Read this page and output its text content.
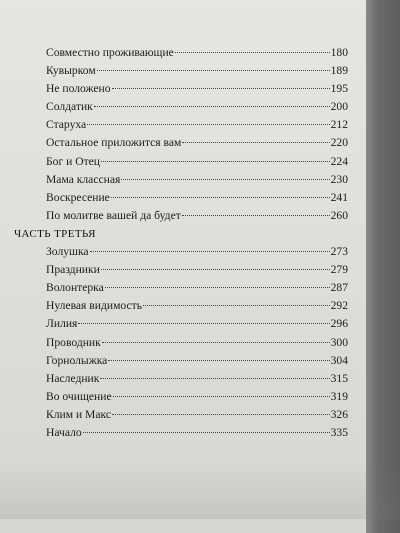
Совместно проживающие	180
Кувырком	189
Не положено	195
Солдатик	200
Старуха	212
Остальное приложится вам	220
Бог и Отец	224
Мама классная	230
Воскресение	241
По молитве вашей да будет	260
ЧАСТЬ ТРЕТЬЯ
Золушка	273
Праздники	279
Волонтерка	287
Нулевая видимость	292
Лилия	296
Проводник	300
Горнолыжка	304
Наследник	315
Во очищение	319
Клим и Макс	326
Начало	335
